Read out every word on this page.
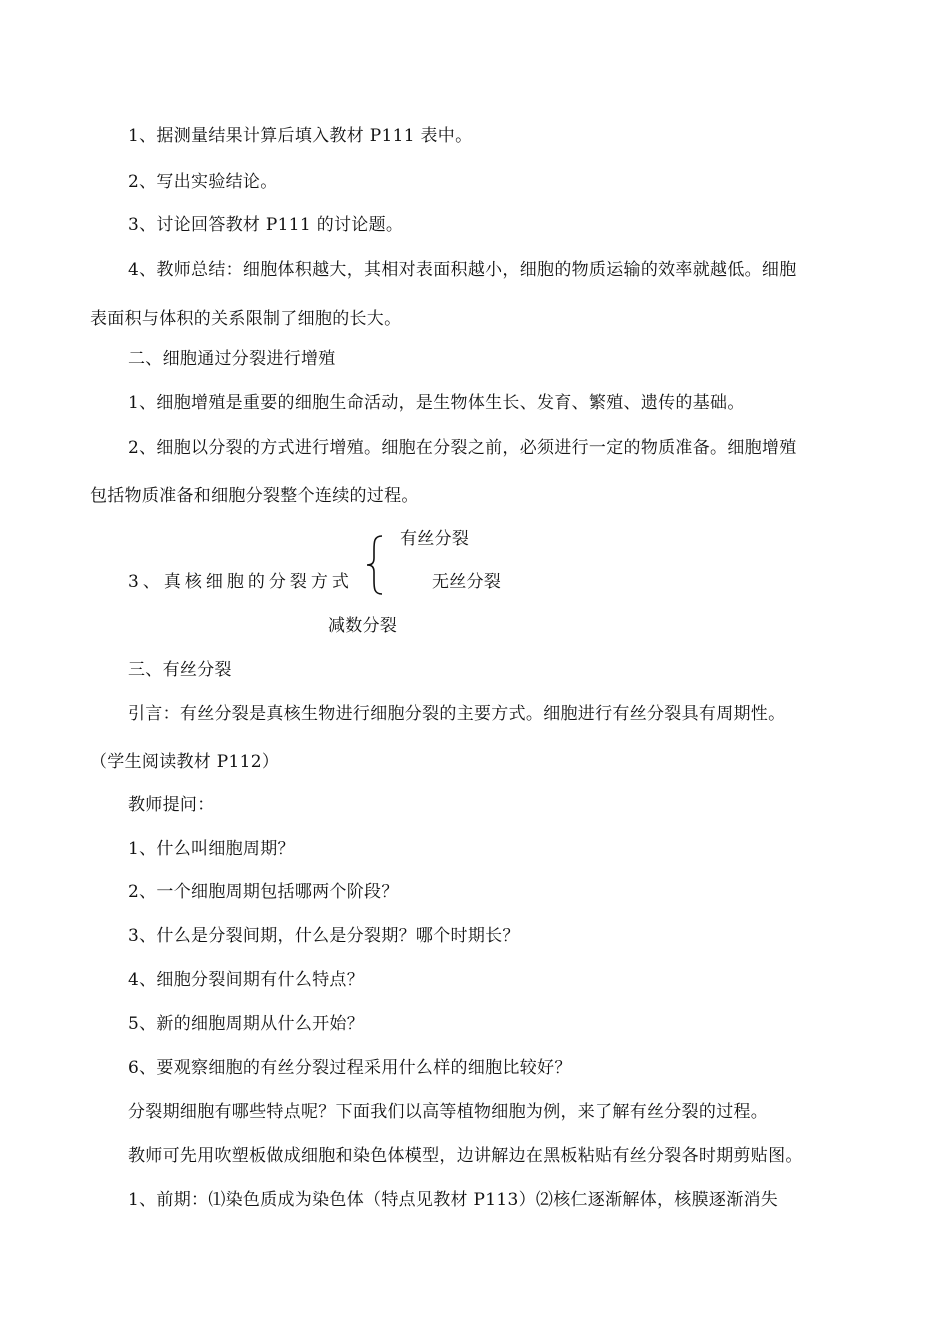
1、据测量结果计算后填入教材 P111 表中。
2、写出实验结论。
3、讨论回答教材 P111 的讨论题。
4、教师总结：细胞体积越大，其相对表面积越小，细胞的物质运输的效率就越低。细胞
表面积与体积的关系限制了细胞的长大。
二、细胞通过分裂进行增殖
1、细胞增殖是重要的细胞生命活动，是生物体生长、发育、繁殖、遗传的基础。
2、细胞以分裂的方式进行增殖。细胞在分裂之前，必须进行一定的物质准备。细胞增殖
包括物质准备和细胞分裂整个连续的过程。
有丝分裂
3、真核细胞的分裂方式	无丝分裂
减数分裂
三、有丝分裂
引言：有丝分裂是真核生物进行细胞分裂的主要方式。细胞进行有丝分裂具有周期性。
（学生阅读教材 P112）
教师提问：
1、什么叫细胞周期？
2、一个细胞周期包括哪两个阶段？
3、什么是分裂间期，什么是分裂期？哪个时期长？
4、细胞分裂间期有什么特点？
5、新的细胞周期从什么开始？
6、要观察细胞的有丝分裂过程采用什么样的细胞比较好？
分裂期细胞有哪些特点呢？下面我们以高等植物细胞为例，来了解有丝分裂的过程。
教师可先用吹塑板做成细胞和染色体模型，边讲解边在黑板粘贴有丝分裂各时期剪贴图。
1、前期：⑴染色质成为染色体（特点见教材 P113）⑵核仁逐渐解体，核膜逐渐消失
